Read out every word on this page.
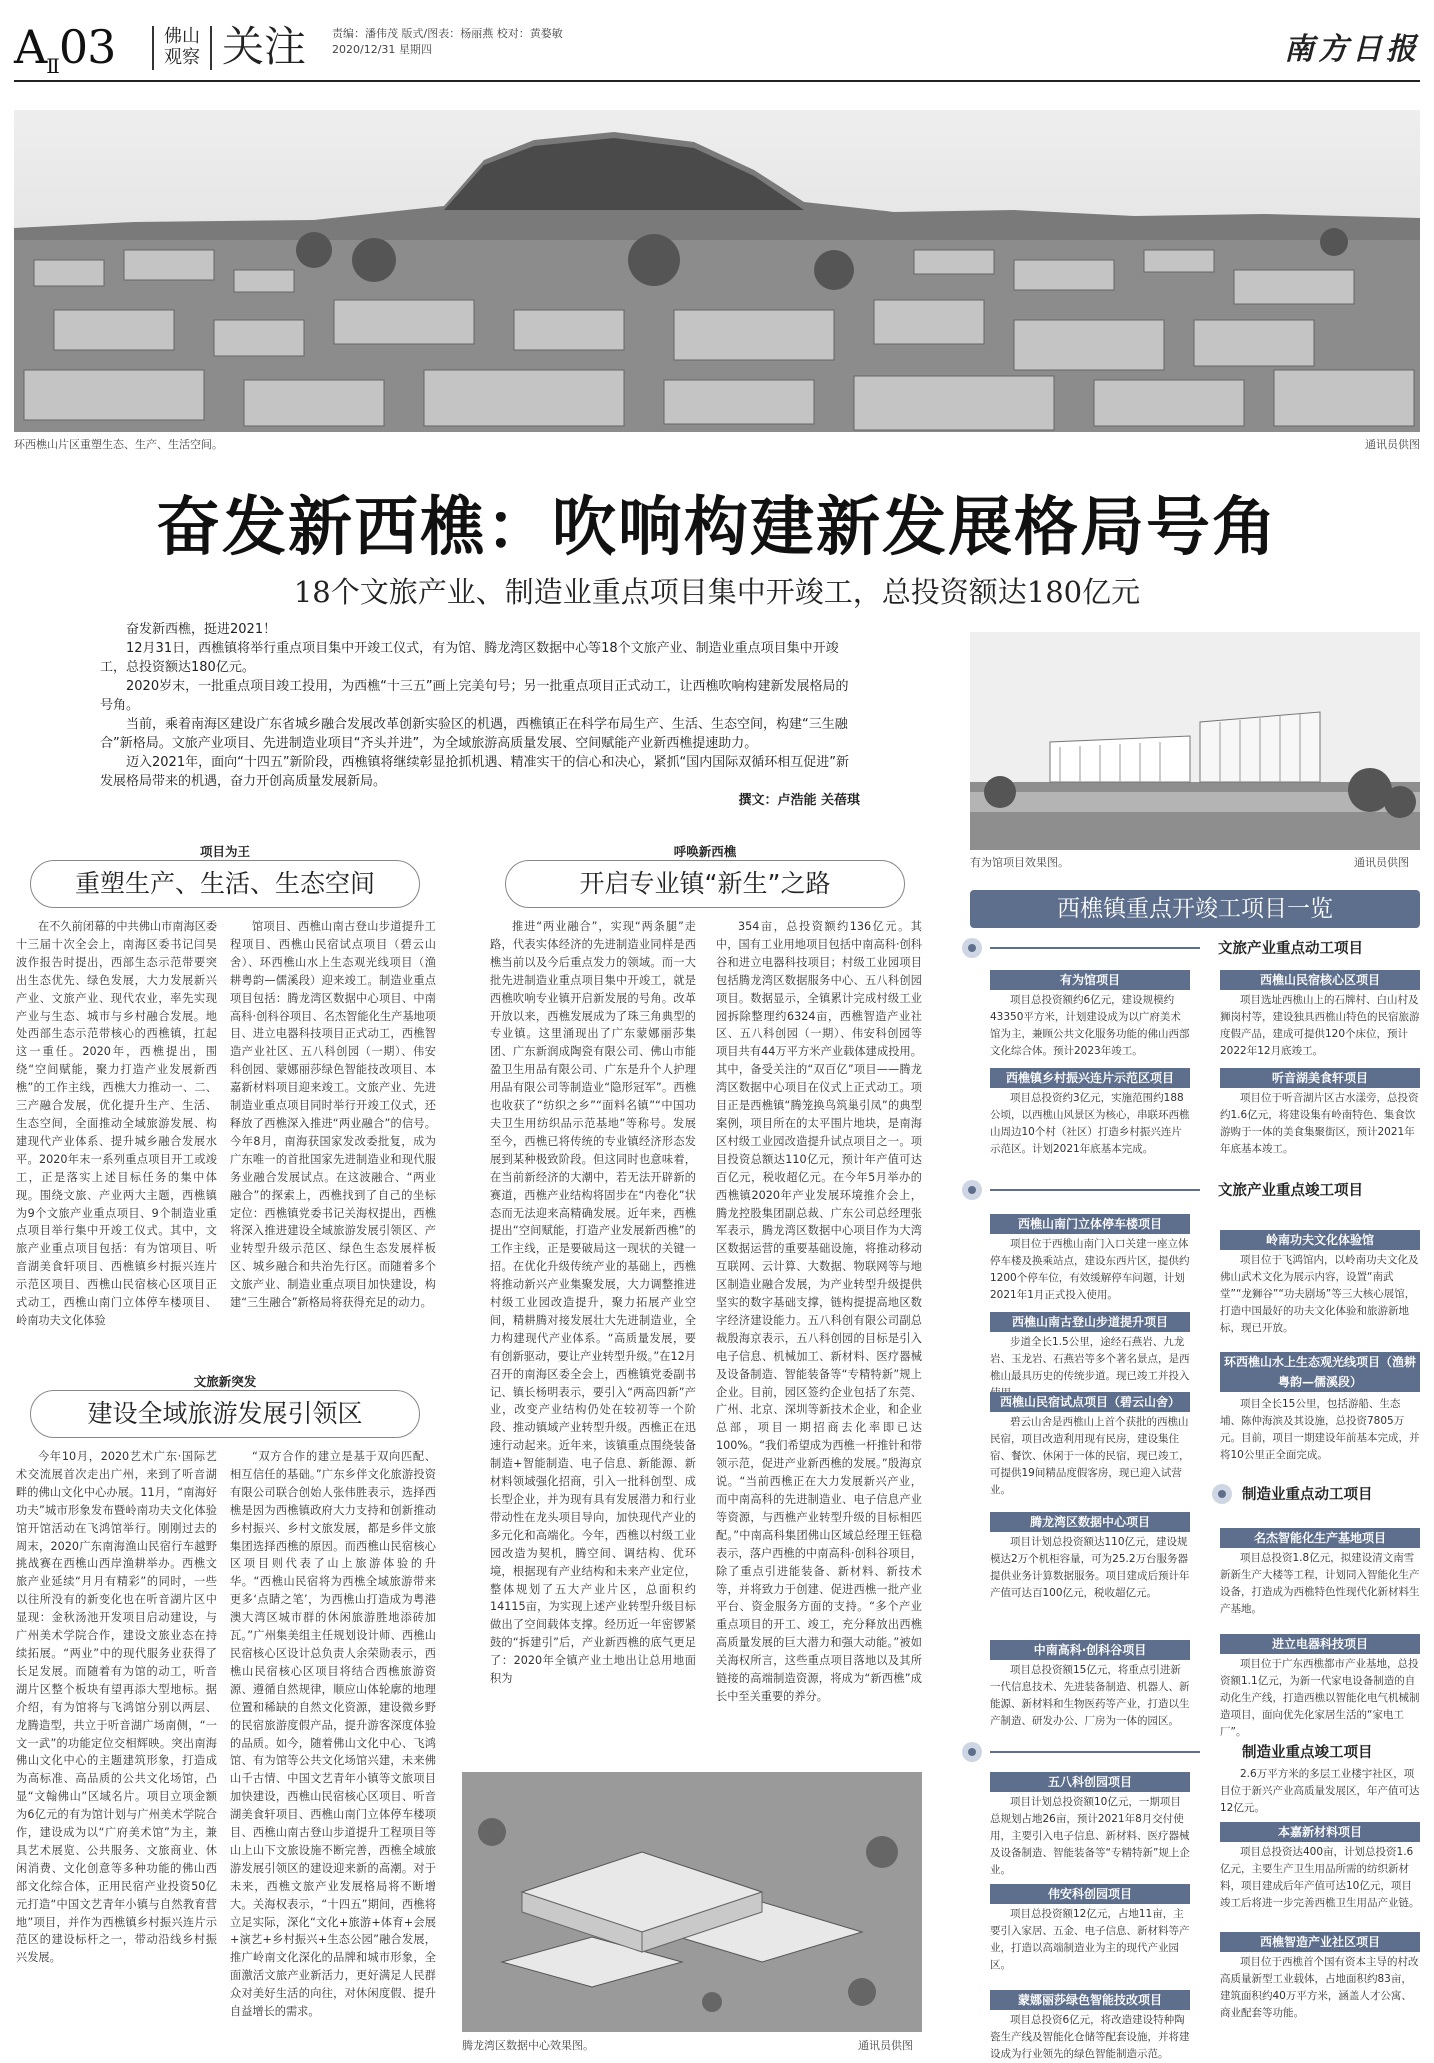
$A_Ⅱ03$	佛山观察 关注 责编：潘伟茂 版式/图表：杨丽燕 校对：黄婺敏
2020/12/31 星期四	南方日报
环西樵山片区重塑生态、生产、生活空间。	通讯员供图
奋发新西樵：吹响构建新发展格局号角
18个文旅产业、制造业重点项目集中开竣工，总投资额达180亿元

奋发新西樵，挺进2021！

12月31日，西樵镇将举行重点项目集中开竣工仪式，有为馆、腾龙湾区数据中心等18个文旅产业、制造业重点项目集中开竣工，总投资额达180亿元。

2020岁末，一批重点项目竣工投用，为西樵“十三五”画上完美句号；另一批重点项目正式动工，让西樵吹响构建新发展格局的号角。

当前，乘着南海区建设广东省城乡融合发展改革创新实验区的机遇，西樵镇正在科学布局生产、生活、生态空间，构建“三生融合”新格局。文旅产业项目、先进制造业项目“齐头并进”，为全域旅游高质量发展、空间赋能产业新西樵提速助力。

迈入2021年，面向“十四五”新阶段，西樵镇将继续彰显抢抓机遇、精准实干的信心和决心，紧抓“国内国际双循环相互促进”新发展格局带来的机遇，奋力开创高质量发展新局。

撰文：卢浩能 关蓓琪

有为馆项目效果图。	通讯员供图
项目为王
重塑生产、生活、生态空间
在不久前闭幕的中共佛山市南海区委十三届十次全会上，南海区委书记闫昊波作报告时提出，西部生态示范带要突出生态优先、绿色发展，大力发展新兴产业、文旅产业、现代农业，率先实现产业与生态、城市与乡村融合发展。地处西部生态示范带核心的西樵镇，扛起这一重任。2020年，西樵提出，围绕“空间赋能，聚力打造产业发展新西樵”的工作主线，西樵大力推动一、二、三产融合发展，优化提升生产、生活、生态空间，全面推动全域旅游发展、构建现代产业体系、提升城乡融合发展水平。2020年末一系列重点项目开工或竣工，正是落实上述目标任务的集中体现。围绕文旅、产业两大主题，西樵镇为9个文旅产业重点项目、9个制造业重点项目举行集中开竣工仪式。其中，文旅产业重点项目包括：有为馆项目、听音湖美食轩项目、西樵镇乡村振兴连片示范区项目、西樵山民宿核心区项目正式动工，西樵山南门立体停车楼项目、岭南功夫文化体验
馆项目、西樵山南古登山步道提升工程项目、西樵山民宿试点项目（碧云山舍）、环西樵山水上生态观光线项目（渔耕粤韵—儒溪段）迎来竣工。制造业重点项目包括：腾龙湾区数据中心项目、中南高科·创科谷项目、名杰智能化生产基地项目、进立电器科技项目正式动工，西樵智造产业社区、五八科创园（一期）、伟安科创园、蒙娜丽莎绿色智能技改项目、本嘉新材料项目迎来竣工。文旅产业、先进制造业重点项目同时举行开竣工仪式，还释放了西樵深入推进“两业融合”的信号。今年8月，南海获国家发改委批复，成为广东唯一的首批国家先进制造业和现代服务业融合发展试点。在这波融合、“两业融合”的探索上，西樵找到了自己的坐标定位：西樵镇党委书记关海权提出，西樵将深入推进建设全域旅游发展引领区、产业转型升级示范区、绿色生态发展样板区、城乡融合和共治先行区。而随着多个文旅产业、制造业重点项目加快建设，构建“三生融合”新格局将获得充足的动力。
呼唤新西樵
开启专业镇“新生”之路
推进“两业融合”，实现“两条腿”走路，代表实体经济的先进制造业同样是西樵当前以及今后重点发力的领域。而一大批先进制造业重点项目集中开竣工，就是西樵吹响专业镇开启新发展的号角。改革开放以来，西樵发展成为了珠三角典型的专业镇。这里涌现出了广东蒙娜丽莎集团、广东新润成陶瓷有限公司、佛山市能盈卫生用品有限公司、广东是升个人护理用品有限公司等制造业“隐形冠军”。西樵也收获了“纺织之乡”“面料名镇”“中国功夫卫生用纺织品示范基地”等称号。发展至今，西樵已将传统的专业镇经济形态发展到某种极致阶段。但这同时也意味着，在当前新经济的大潮中，若无法开辟新的赛道，西樵产业结构将固步在“内卷化”状态而无法迎来高精确发展。近年来，西樵提出“空间赋能，打造产业发展新西樵”的工作主线，正是要破局这一现状的关键一招。在优化升级传统产业的基础上，西樵将推动新兴产业集聚发展，大力调整推进村级工业园改造提升，聚力拓展产业空间，精耕腾对接发展壮大先进制造业，全力构建现代产业体系。“高质量发展，要有创新驱动，要让产业转型升级。”在12月召开的南海区委全会上，西樵镇党委副书记、镇长杨明表示，要引入“两高四新”产业，改变产业结构仍处在较初等一个阶段、推动镇域产业转型升级。西樵正在迅速行动起来。近年来，该镇重点围绕装备制造+智能制造、电子信息、新能源、新材料领域强化招商，引入一批科创型、成长型企业，并为现有具有发展潜力和行业带动性在龙头项目导向，加快现代产业的多元化和高端化。今年，西樵以村级工业园改造为契机，腾空间、调结构、优环境，根据现有产业结构和未来产业定位，整体规划了五大产业片区，总面积约14115亩，为实现上述产业转型升级目标做出了空间载体支撑。经历近一年密锣紧鼓的“拆建引”后，产业新西樵的底气更足了：2020年全镇产业土地出让总用地面积为
354亩，总投资额约136亿元。其中，国有工业用地项目包括中南高科·创科谷和进立电器科技项目；村级工业园项目包括腾龙湾区数据服务中心、五八科创园项目。数据显示，全镇累计完成村级工业园拆除整理约6324亩，西樵智造产业社区、五八科创园（一期）、伟安科创园等项目共有44万平方米产业载体建成投用。其中，备受关注的“双百亿”项目——腾龙湾区数据中心项目在仪式上正式动工。项目正是西樵镇“腾笼换鸟筑巢引凤”的典型案例，项目所在的太平围片地块，是南海区村级工业园改造提升试点项目之一。项目投资总额达110亿元，预计年产值可达百亿元，税收超亿元。在今年5月举办的西樵镇2020年产业发展环境推介会上，腾龙控股集团副总裁、广东公司总经理张军表示，腾龙湾区数据中心项目作为大湾区数据运营的重要基础设施，将推动移动互联网、云计算、大数据、物联网等与地区制造业融合发展，为产业转型升级提供坚实的数字基础支撑，链构提提高地区数字经济建设能力。五八科创有限公司副总裁殷海京表示，五八科创园的目标是引入电子信息、机械加工、新材料、医疗器械及设备制造、智能装备等“专精特新”规上企业。目前，园区签约企业包括了东莞、广州、北京、深圳等新技术企业，和企业总部，项目一期招商去化率即已达100%。“我们希望成为西樵一杆推针和带领示范，促进产业新西樵的发展。”殷海京说。“当前西樵正在大力发展新兴产业，而中南高科的先进制造业、电子信息产业等资源，与西樵产业转型升级的目标相匹配。”中南高科集团佛山区域总经理王钰稳表示，落户西樵的中南高科·创科谷项目，除了重点引进能装备、新材料、新技术等，并将致力于创建、促进西樵一批产业平台、资金服务方面的支持。“多个产业重点项目的开工、竣工，充分释放出西樵高质量发展的巨大潜力和强大动能。”被如关海权所言，这些重点项目落地以及其所链接的高端制造资源，将成为“新西樵”成长中至关重要的养分。
文旅新突发
建设全域旅游发展引领区
今年10月，2020艺术广东·国际艺术交流展首次走出广州，来到了听音湖畔的佛山文化中心办展。11月，“南海好功夫”城市形象发布暨岭南功夫文化体验馆开馆活动在飞鸿馆举行。刚刚过去的周末，2020广东南海渔山民宿行车越野挑战赛在西樵山西岸渔耕举办。西樵文旅产业延续“月月有精彩”的同时，一些以往所没有的新变化也在听音湖片区中显现：金秋汤池开发项目启动建设，与广州美术学院合作，建设文旅业态在持续拓展。“两业”中的现代服务业获得了长足发展。而随着有为馆的动工，听音湖片区整个板块有望再添大型地标。据介绍，有为馆将与飞鸿馆分别以两层、龙腾造型，共立于听音湖广场南侧，“一文一武”的功能定位交相辉映。突出南海佛山文化中心的主题建筑形象，打造成为高标准、高品质的公共文化场馆，凸显“文翰佛山”区域名片。项目立项金额为6亿元的有为馆计划与广州美术学院合作，建设成为以“广府美术馆”为主，兼具艺术展览、公共服务、文旅商业、休闲消费、文化创意等多种功能的佛山西部文化综合体，正用民宿产业投资50亿元打造“中国文艺青年小镇与自然教育营地”项目，并作为西樵镇乡村振兴连片示范区的建设标杆之一，带动沿线乡村振兴发展。
“双方合作的建立是基于双向匹配、相互信任的基础。”广东乡伴文化旅游投资有限公司联合创始人张伟胜表示，选择西樵是因为西樵镇政府大力支持和创新推动乡村振兴、乡村文旅发展，都是乡伴文旅集团选择西樵的原因。而西樵山民宿核心区项目则代表了山上旅游体验的升华。“西樵山民宿将为西樵全域旅游带来更多‘点睛之笔’，为西樵山打造成为粤港澳大湾区城市群的休闲旅游胜地添砖加瓦。”广州集美组主任规划设计师、西樵山民宿核心区设计总负责人余荣勋表示，西樵山民宿核心区项目将结合西樵旅游资源、遵循自然规律，顺应山体轮廓的地理位置和稀缺的自然文化资源，建设微乡野的民宿旅游度假产品，提升游客深度体验的品质。如今，随着佛山文化中心、飞鸿馆、有为馆等公共文化场馆兴建，未来佛山千古情、中国文艺青年小镇等文旅项目加快建设，西樵山民宿核心区项目、听音湖美食轩项目、西樵山南门立体停车楼项目、西樵山南古登山步道提升工程项目等山上山下文旅设施不断完善，西樵全域旅游发展引领区的建设迎来新的高潮。对于未来，西樵文旅产业发展格局将不断增大。关海权表示，“十四五”期间，西樵将立足实际，深化“文化+旅游+体育+会展+演艺+乡村振兴+生态公园”融合发展，推广岭南文化深化的品牌和城市形象，全面激活文旅产业新活力，更好满足人民群众对美好生活的向往，对休闲度假、提升自益增长的需求。
腾龙湾区数据中心效果图。	通讯员供图
西樵镇重点开竣工项目一览
文旅产业重点动工项目
有为馆项目
项目总投资额约6亿元，建设规模约43350平方米，计划建设成为以广府美术馆为主，兼顾公共文化服务功能的佛山西部文化综合体。预计2023年竣工。
西樵镇乡村振兴连片示范区项目
项目总投资约3亿元，实施范围约188公顷，以西樵山风景区为核心，串联环西樵山周边10个村（社区）打造乡村振兴连片示范区。计划2021年底基本完成。
西樵山民宿核心区项目
项目选址西樵山上的石牌村、白山村及狮岗村等，建设独具西樵山特色的民宿旅游度假产品，建成可提供120个床位，预计2022年12月底竣工。
听音湖美食轩项目
项目位于听音湖片区古水漾旁，总投资约1.6亿元，将建设集有岭南特色、集食饮游购于一体的美食集聚街区，预计2021年年底基本竣工。
文旅产业重点竣工项目
西樵山南门立体停车楼项目
项目位于西樵山南门入口关建一座立体停车楼及换乘站点，建设东西片区，提供约1200个停车位，有效缓解停车问题，计划2021年1月正式投入使用。
西樵山南古登山步道提升项目
步道全长1.5公里，途经石燕岩、九龙岩、玉龙岩、石燕岩等多个著名景点，是西樵山最具历史的传统步道。现已竣工并投入
西樵山民宿试点项目（碧云山舍）
碧云山舍是西樵山上首个获批的西樵山民宿，项目改造利用现有民房，建设集住宿、餐饮、休闲于一体的民宿，现已竣工，可提供19间精品度假客房，现已迎入试营业。
岭南功夫文化体验馆
项目位于飞鸿馆内，以岭南功夫文化及佛山武术文化为展示内容，设置“南武堂”“龙狮谷”“功夫剧场”等三大核心展馆，打造中国最好的功夫文化体验和旅游新地标，现已开放。
环西樵山水上生态观光线项目（渔耕粤韵—儒溪段）
项目全长15公里，包括游船、生态埔、陈仲海滨及其设施，总投资7805万元。目前，项目一期建设年前基本完成，并将10公里正全面完成。
制造业重点动工项目
腾龙湾区数据中心项目
项目计划总投资额达110亿元，建设规模达2万个机柜容量，可为25.2万台服务器提供业务计算数据服务。项目建成后预计年产值可达百100亿元，税收超亿元。
中南高科·创科谷项目
项目总投资额15亿元，将重点引进新一代信息技术、先进装备制造、机器人、新能源、新材料和生物医药等产业，打造以生产制造、研发办公、厂房为一体的园区。
名杰智能化生产基地项目
项目总投资1.8亿元，拟建设清文南雪新新生产大楼等工程，计划同入智能化生产设备，打造成为西樵特色性现代化新材料生产基地。
进立电器科技项目
项目位于广东西樵都市产业基地，总投资额1.1亿元，为新一代家电设备制造的自动化生产线，打造西樵以智能化电气机械制造项目，面向优先化家居生活的“家电工厂”。
制造业重点竣工项目
五八科创园项目
项目计划总投资额10亿元，一期项目总规划占地26亩，预计2021年8月交付使用，主要引入电子信息、新材料、医疗器械及设备制造、智能装备等“专精特新”规上企业。
伟安科创园项目
项目总投资额12亿元，占地11亩，主要引入家居、五金、电子信息、新材料等产业，打造以高端制造业为主的现代产业园区。
蒙娜丽莎绿色智能技改项目
项目总投资6亿元，将改造建设特种陶瓷生产线及智能化仓储等配套设施，并将建设成为行业领先的绿色智能制造示范。
2.6万平方米的多层工业楼宇社区，项目位于新兴产业高质量发展区，年产值可达12亿元。
本嘉新材料项目
项目总投资达400亩，计划总投资1.6亿元，主要生产卫生用品所需的纺织新材料，项目建成后年产值可达10亿元，项目竣工后将进一步完善西樵卫生用品产业链。
西樵智造产业社区项目
项目位于西樵首个国有资本主导的村改高质量新型工业载体，占地面积约83亩，建筑面积约40万平方米，涵盖人才公寓、商业配套等功能。
